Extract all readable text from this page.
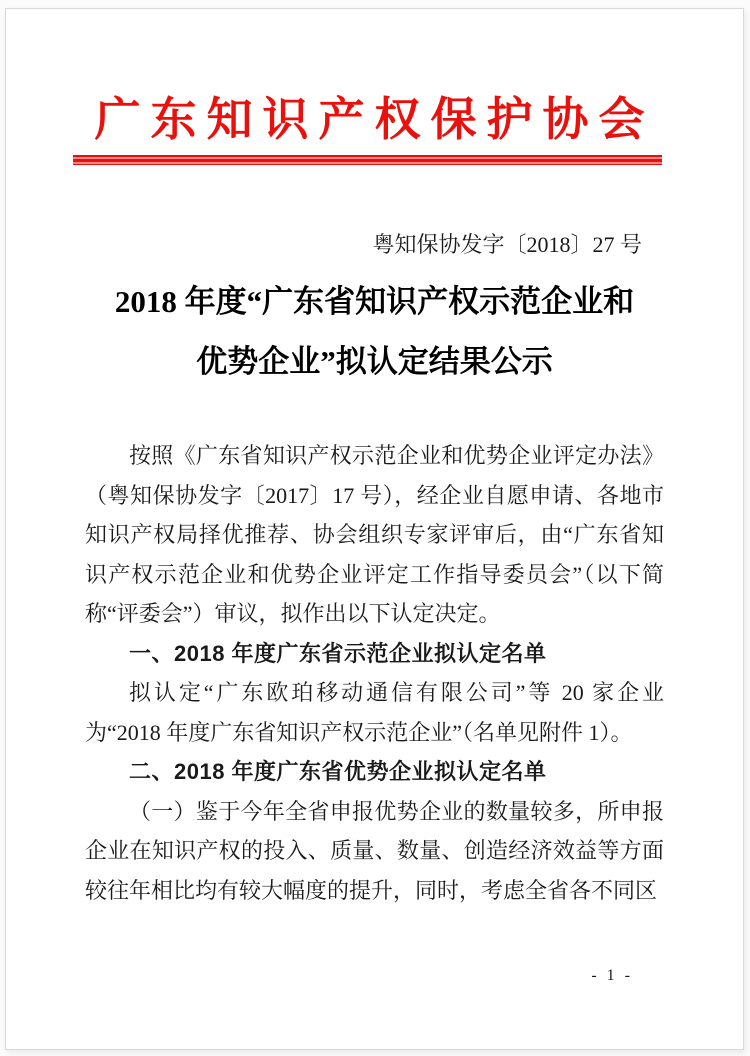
广东知识产权保护协会
粤知保协发字〔2018〕27 号
2018 年度“广东省知识产权示范企业和
优势企业”拟认定结果公示

按照《广东省知识产权示范企业和优势企业评定办法》（粤知保协发字〔2017〕17 号），经企业自愿申请、各地市知识产权局择优推荐、协会组织专家评审后，由“广东省知识产权示范企业和优势企业评定工作指导委员会”（以下简称“评委会”）审议，拟作出以下认定决定。

一、2018 年度广东省示范企业拟认定名单

拟认定“广东欧珀移动通信有限公司”等 20 家企业为“2018 年度广东省知识产权示范企业”（名单见附件 1）。

二、2018 年度广东省优势企业拟认定名单

（一）鉴于今年全省申报优势企业的数量较多，所申报企业在知识产权的投入、质量、数量、创造经济效益等方面较往年相比均有较大幅度的提升，同时，考虑全省各不同区

- 1 -
